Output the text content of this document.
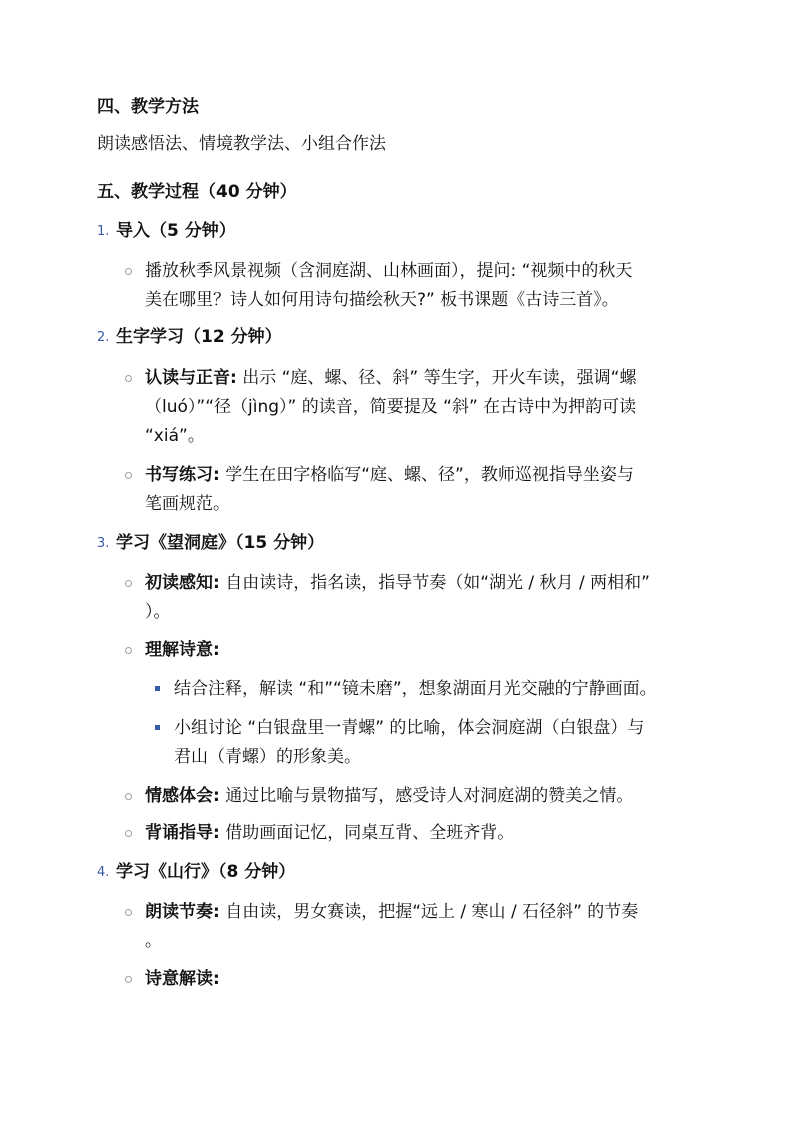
四、教学方法
朗读感悟法、情境教学法、小组合作法
五、教学过程（40 分钟）
1. 导入（5 分钟）
播放秋季风景视频（含洞庭湖、山林画面），提问: “视频中的秋天
美在哪里？诗人如何用诗句描绘秋天?” 板书课题《古诗三首》。
2. 生字学习（12 分钟）
认读与正音: 出示 “庭、螺、径、斜” 等生字，开火车读，强调“螺
（luó）”“径（jìng）” 的读音，简要提及 “斜” 在古诗中为押韵可读
“xiá”。
书写练习: 学生在田字格临写“庭、螺、径”，教师巡视指导坐姿与
笔画规范。
3. 学习《望洞庭》（15 分钟）
初读感知: 自由读诗，指名读，指导节奏（如“湖光 / 秋月 / 两相和”
）。
理解诗意:
结合注释，解读 “和”“镜未磨”，想象湖面月光交融的宁静画面。
小组讨论 “白银盘里一青螺” 的比喻，体会洞庭湖（白银盘）与
君山（青螺）的形象美。
情感体会: 通过比喻与景物描写，感受诗人对洞庭湖的赞美之情。
背诵指导: 借助画面记忆，同桌互背、全班齐背。
4. 学习《山行》（8 分钟）
朗读节奏: 自由读，男女赛读，把握“远上 / 寒山 / 石径斜” 的节奏
。
诗意解读:
